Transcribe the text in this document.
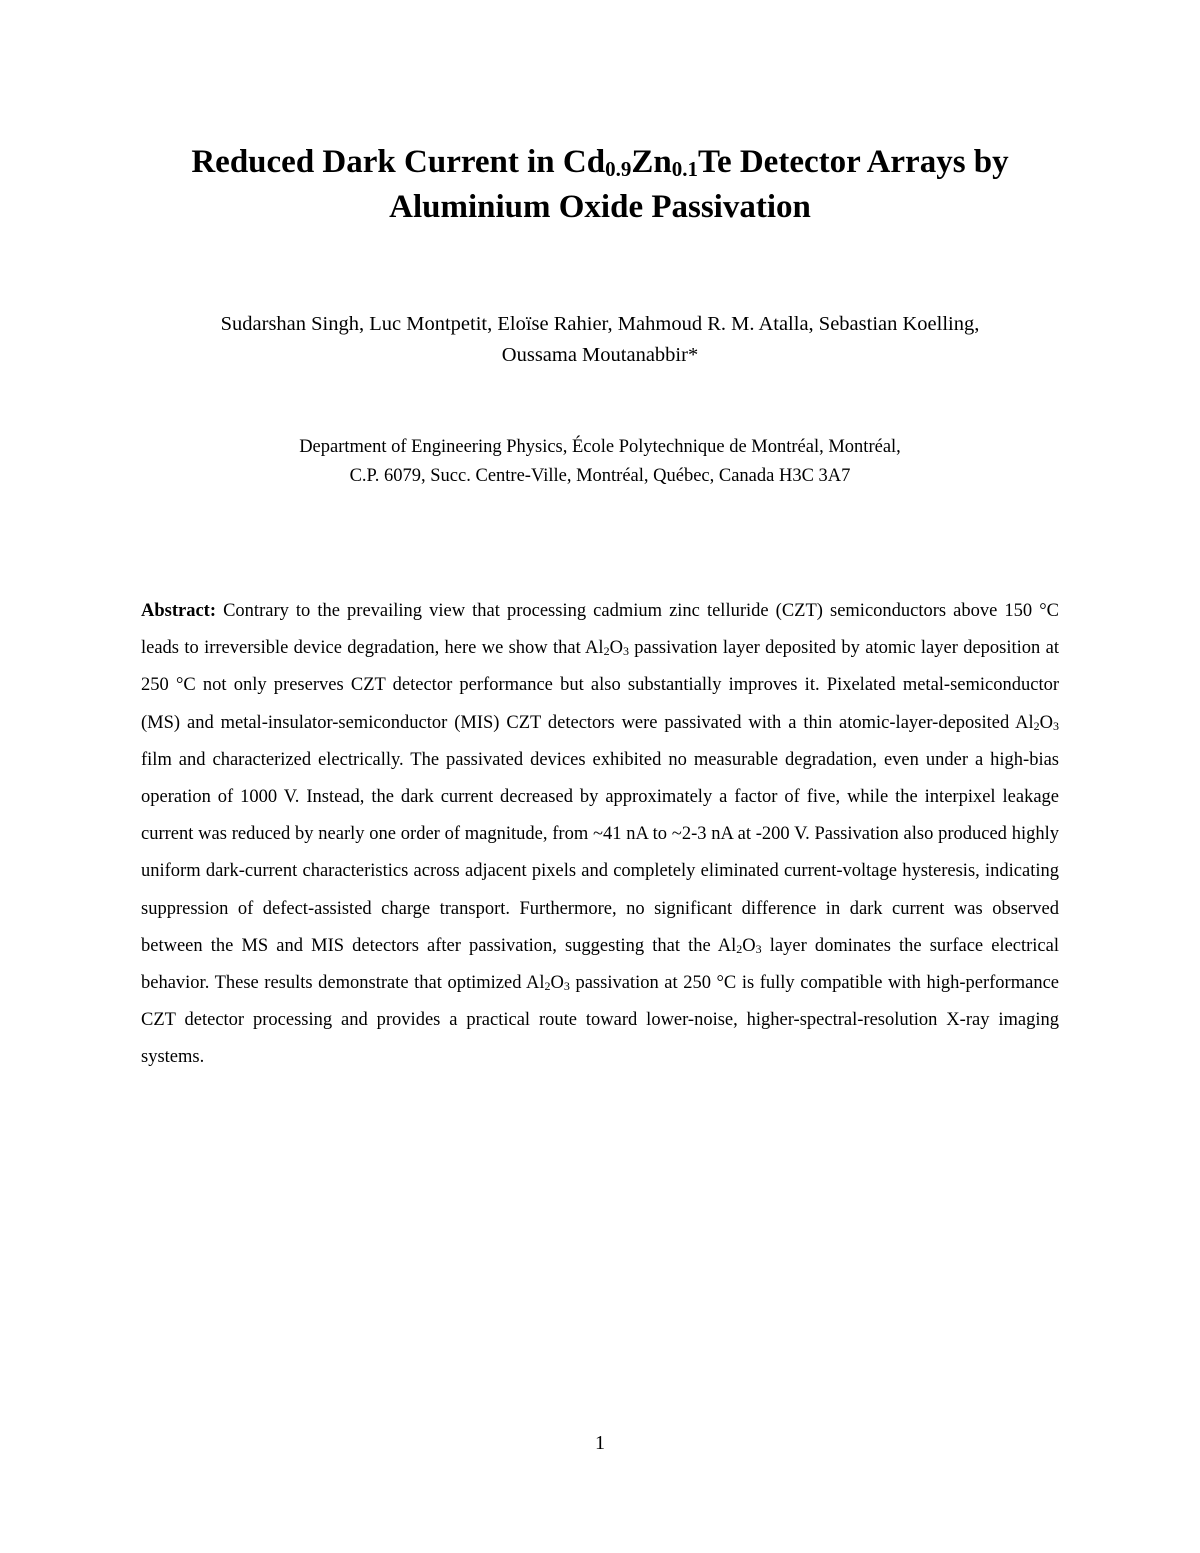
Reduced Dark Current in $Cd_{0.9}Zn_{0.1}Te$ Detector Arrays by
Aluminium Oxide Passivation
Sudarshan Singh, Luc Montpetit, Eloïse Rahier, Mahmoud R. M. Atalla, Sebastian Koelling,
Oussama Moutanabbir*
Department of Engineering Physics, École Polytechnique de Montréal, Montréal,
C.P. 6079, Succ. Centre-Ville, Montréal, Québec, Canada H3C 3A7
Abstract: Contrary to the prevailing view that processing cadmium zinc telluride (CZT) semiconductors above 150 °C leads to irreversible device degradation, here we show that $Al_2O_3$ passivation layer deposited by atomic layer deposition at 250 °C not only preserves CZT detector performance but also substantially improves it. Pixelated metal-semiconductor (MS) and metal-insulator-semiconductor (MIS) CZT detectors were passivated with a thin atomic-layer-deposited $Al_2O_3$ film and characterized electrically. The passivated devices exhibited no measurable degradation, even under a high-bias operation of 1000 V. Instead, the dark current decreased by approximately a factor of five, while the interpixel leakage current was reduced by nearly one order of magnitude, from ~41 nA to ~2-3 nA at -200 V. Passivation also produced highly uniform dark-current characteristics across adjacent pixels and completely eliminated current-voltage hysteresis, indicating suppression of defect-assisted charge transport. Furthermore, no significant difference in dark current was observed between the MS and MIS detectors after passivation, suggesting that the $Al_2O_3$ layer dominates the surface electrical behavior. These results demonstrate that optimized $Al_2O_3$ passivation at 250 °C is fully compatible with high-performance CZT detector processing and provides a practical route toward lower-noise, higher-spectral-resolution X-ray imaging systems.
1
